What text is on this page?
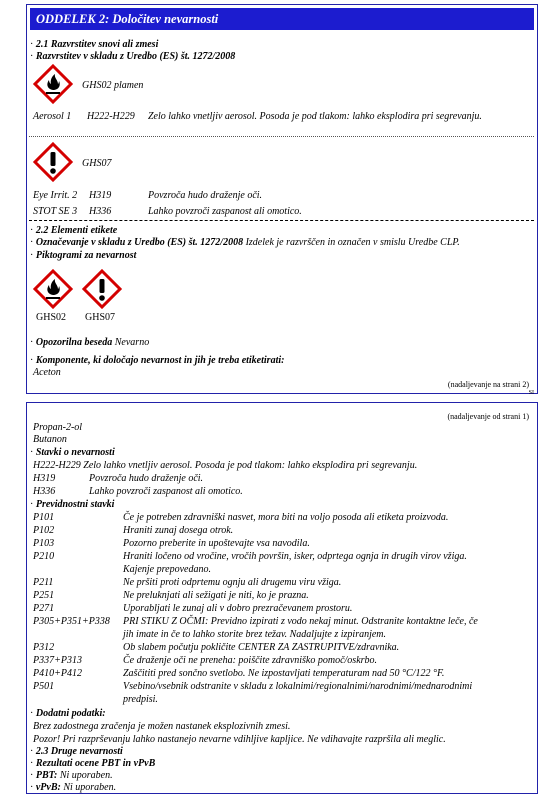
ODDELEK 2: Določitev nevarnosti
· 2.1 Razvrstitev snovi ali zmesi
· Razvrstitev v skladu z Uredbo (ES) št. 1272/2008
GHS02 plamen
Aerosol 1 H222-H229 Zelo lahko vnetljiv aerosol. Posoda je pod tlakom: lahko eksplodira pri segrevanju.
GHS07
Eye Irrit. 2 H319	Povzroča hudo draženje oči.
STOT SE 3 H336	Lahko povzroči zaspanost ali omotico.
· 2.2 Elementi etikete
· Označevanje v skladu z Uredbo (ES) št. 1272/2008 Izdelek je razvrščen in označen v smislu Uredbe CLP.
· Piktogrami za nevarnost
GHS02 GHS07
· Opozorilna beseda Nevarno
· Komponente, ki določajo nevarnost in jih je treba etiketirati:
Aceton
(nadaljevanje na strani 2)
SI
(nadaljevanje od strani 1)
Propan-2-ol
Butanon
· Stavki o nevarnosti
H222-H229 Zelo lahko vnetljiv aerosol. Posoda je pod tlakom: lahko eksplodira pri segrevanju.
H319	Povzroča hudo draženje oči.
H336	Lahko povzroči zaspanost ali omotico.
· Previdnostni stavki
P101	Če je potreben zdravniški nasvet, mora biti na voljo posoda ali etiketa proizvoda.
P102	Hraniti zunaj dosega otrok.
P103	Pozorno preberite in upoštevajte vsa navodila.
P210	Hraniti ločeno od vročine, vročih površin, isker, odprtega ognja in drugih virov vžiga.
Kajenje prepovedano.
P211	Ne pršiti proti odprtemu ognju ali drugemu viru vžiga.
P251	Ne preluknjati ali sežigati je niti, ko je prazna.
P271	Uporabljati le zunaj ali v dobro prezračevanem prostoru.
P305+P351+P338 PRI STIKU Z OČMI: Previdno izpirati z vodo nekaj minut. Odstranite kontaktne leče, če
jih imate in če to lahko storite brez težav. Nadaljujte z izpiranjem.
P312	Ob slabem počutju pokličite CENTER ZA ZASTRUPITVE/zdravnika.
P337+P313	Če draženje oči ne preneha: poiščite zdravniško pomoč/oskrbo.
P410+P412	Zaščititi pred sončno svetlobo. Ne izpostavljati temperaturam nad 50 °C/122 °F.
P501	Vsebino/vsebnik odstranite v skladu z lokalnimi/regionalnimi/narodnimi/mednarodnimi
predpisi.
· Dodatni podatki:
Brez zadostnega zračenja je možen nastanek eksplozivnih zmesi.
Pozor! Pri razprševanju lahko nastanejo nevarne vdihljive kapljice. Ne vdihavajte razpršila ali meglic.
· 2.3 Druge nevarnosti
· Rezultati ocene PBT in vPvB
· PBT: Ni uporaben.
· vPvB: Ni uporaben.
